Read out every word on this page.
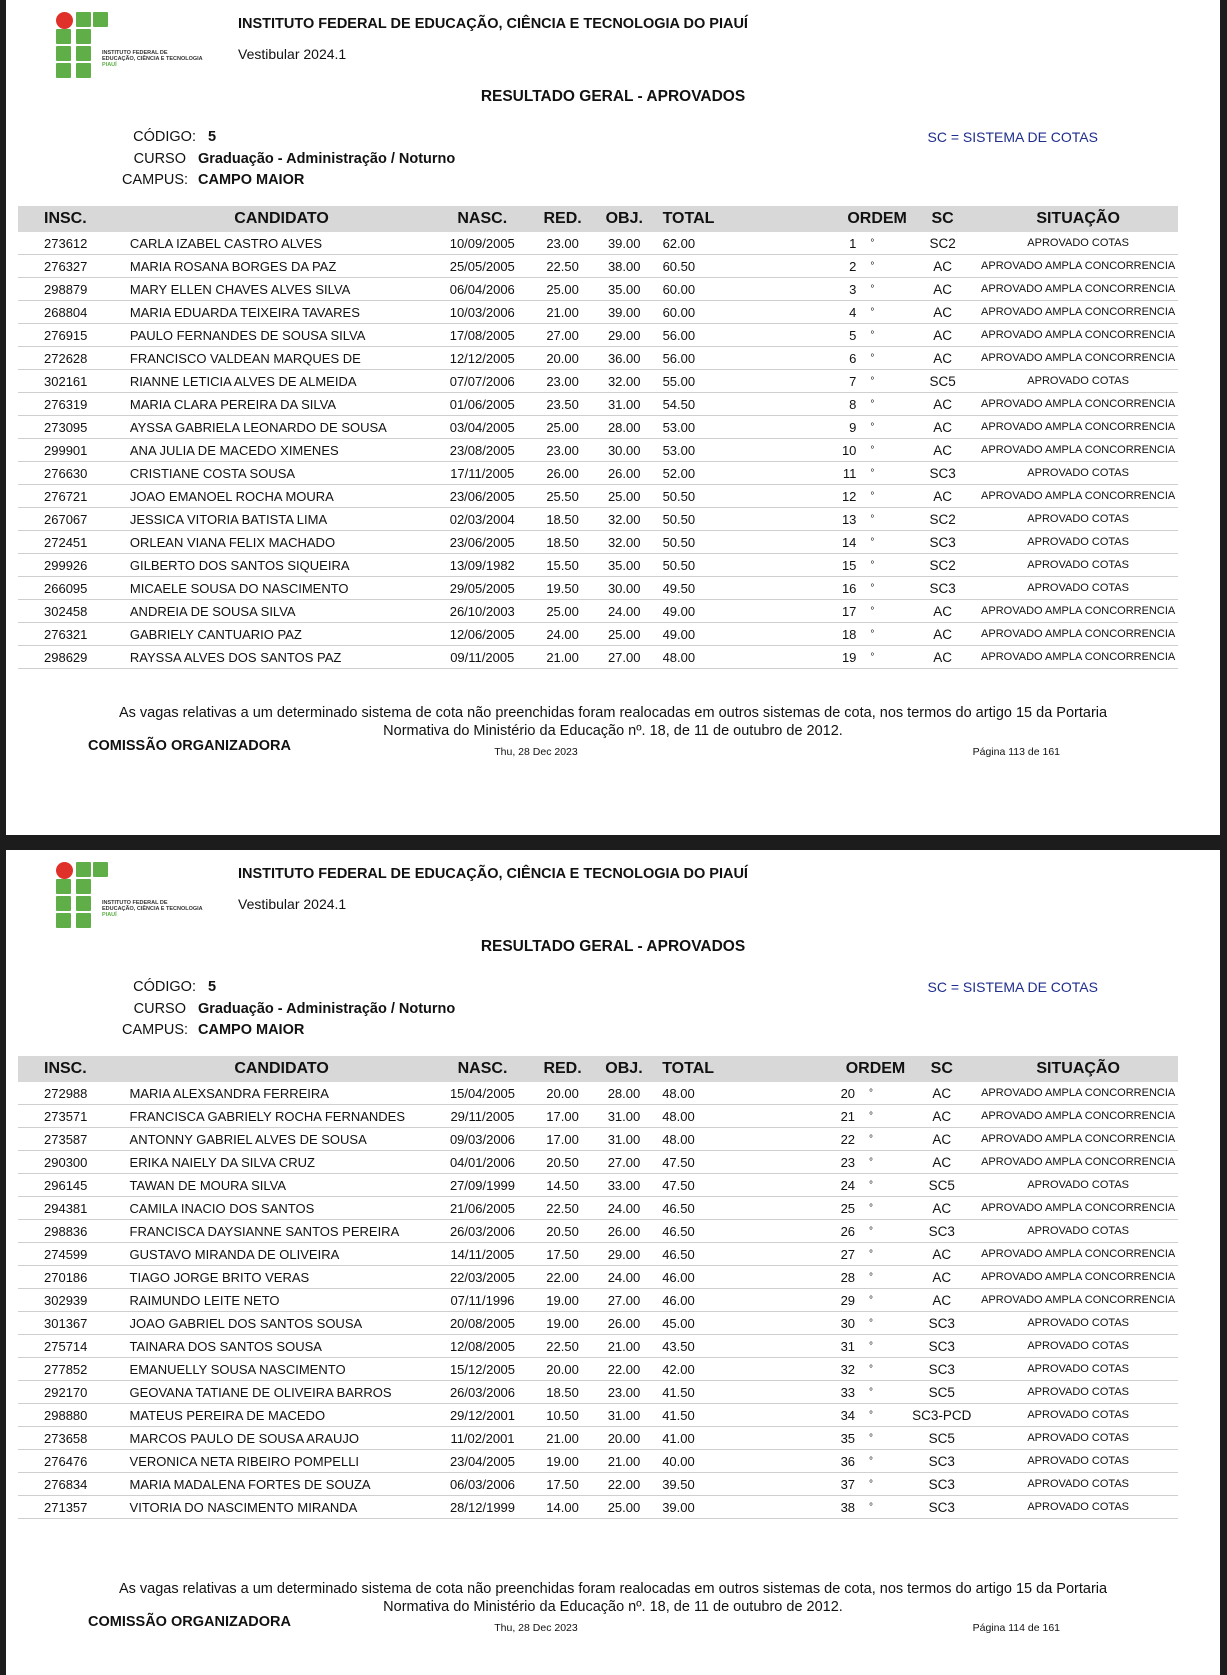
INSTITUTO FEDERAL DE
EDUCAÇÃO, CIÊNCIA E TECNOLOGIA
PIAUÍ
INSTITUTO FEDERAL DE EDUCAÇÃO, CIÊNCIA E TECNOLOGIA DO PIAUÍ
Vestibular 2024.1
RESULTADO GERAL - APROVADOS
CÓDIGO: 5
CURSO Graduação - Administração / Noturno
CAMPUS: CAMPO MAIOR
SC = SISTEMA DE COTAS
INSC.	CANDIDATO	NASC.	RED.	OBJ.	TOTAL	ORDEM		SC	SITUAÇÃO
273612	CARLA IZABEL CASTRO ALVES	10/09/2005	23.00	39.00	62.00	1	°	SC2	APROVADO COTAS
276327	MARIA ROSANA BORGES DA PAZ	25/05/2005	22.50	38.00	60.50	2	°	AC	APROVADO AMPLA CONCORRENCIA
298879	MARY ELLEN CHAVES ALVES SILVA	06/04/2006	25.00	35.00	60.00	3	°	AC	APROVADO AMPLA CONCORRENCIA
268804	MARIA EDUARDA TEIXEIRA TAVARES	10/03/2006	21.00	39.00	60.00	4	°	AC	APROVADO AMPLA CONCORRENCIA
276915	PAULO FERNANDES DE SOUSA SILVA	17/08/2005	27.00	29.00	56.00	5	°	AC	APROVADO AMPLA CONCORRENCIA
272628	FRANCISCO VALDEAN MARQUES DE	12/12/2005	20.00	36.00	56.00	6	°	AC	APROVADO AMPLA CONCORRENCIA
302161	RIANNE LETICIA ALVES DE ALMEIDA	07/07/2006	23.00	32.00	55.00	7	°	SC5	APROVADO COTAS
276319	MARIA CLARA PEREIRA DA SILVA	01/06/2005	23.50	31.00	54.50	8	°	AC	APROVADO AMPLA CONCORRENCIA
273095	AYSSA GABRIELA LEONARDO DE SOUSA	03/04/2005	25.00	28.00	53.00	9	°	AC	APROVADO AMPLA CONCORRENCIA
299901	ANA JULIA DE MACEDO XIMENES	23/08/2005	23.00	30.00	53.00	10	°	AC	APROVADO AMPLA CONCORRENCIA
276630	CRISTIANE COSTA SOUSA	17/11/2005	26.00	26.00	52.00	11	°	SC3	APROVADO COTAS
276721	JOAO EMANOEL ROCHA MOURA	23/06/2005	25.50	25.00	50.50	12	°	AC	APROVADO AMPLA CONCORRENCIA
267067	JESSICA VITORIA BATISTA LIMA	02/03/2004	18.50	32.00	50.50	13	°	SC2	APROVADO COTAS
272451	ORLEAN VIANA FELIX MACHADO	23/06/2005	18.50	32.00	50.50	14	°	SC3	APROVADO COTAS
299926	GILBERTO DOS SANTOS SIQUEIRA	13/09/1982	15.50	35.00	50.50	15	°	SC2	APROVADO COTAS
266095	MICAELE SOUSA DO NASCIMENTO	29/05/2005	19.50	30.00	49.50	16	°	SC3	APROVADO COTAS
302458	ANDREIA DE SOUSA SILVA	26/10/2003	25.00	24.00	49.00	17	°	AC	APROVADO AMPLA CONCORRENCIA
276321	GABRIELY CANTUARIO PAZ	12/06/2005	24.00	25.00	49.00	18	°	AC	APROVADO AMPLA CONCORRENCIA
298629	RAYSSA ALVES DOS SANTOS PAZ	09/11/2005	21.00	27.00	48.00	19	°	AC	APROVADO AMPLA CONCORRENCIA
As vagas relativas a um determinado sistema de cota não preenchidas foram realocadas em outros sistemas de cota, nos termos do artigo 15 da Portaria
Normativa do Ministério da Educação nº. 18, de 11 de outubro de 2012.
COMISSÃO ORGANIZADORA	Thu, 28 Dec 2023	Página 113 de 161
INSTITUTO FEDERAL DE
EDUCAÇÃO, CIÊNCIA E TECNOLOGIA
PIAUÍ
INSTITUTO FEDERAL DE EDUCAÇÃO, CIÊNCIA E TECNOLOGIA DO PIAUÍ
Vestibular 2024.1
RESULTADO GERAL - APROVADOS
CÓDIGO: 5
CURSO Graduação - Administração / Noturno
CAMPUS: CAMPO MAIOR
SC = SISTEMA DE COTAS
INSC.	CANDIDATO	NASC.	RED.	OBJ.	TOTAL	ORDEM		SC	SITUAÇÃO
272988	MARIA ALEXSANDRA FERREIRA	15/04/2005	20.00	28.00	48.00	20	°	AC	APROVADO AMPLA CONCORRENCIA
273571	FRANCISCA GABRIELY ROCHA FERNANDES	29/11/2005	17.00	31.00	48.00	21	°	AC	APROVADO AMPLA CONCORRENCIA
273587	ANTONNY GABRIEL ALVES DE SOUSA	09/03/2006	17.00	31.00	48.00	22	°	AC	APROVADO AMPLA CONCORRENCIA
290300	ERIKA NAIELY DA SILVA CRUZ	04/01/2006	20.50	27.00	47.50	23	°	AC	APROVADO AMPLA CONCORRENCIA
296145	TAWAN DE MOURA SILVA	27/09/1999	14.50	33.00	47.50	24	°	SC5	APROVADO COTAS
294381	CAMILA INACIO DOS SANTOS	21/06/2005	22.50	24.00	46.50	25	°	AC	APROVADO AMPLA CONCORRENCIA
298836	FRANCISCA DAYSIANNE SANTOS PEREIRA	26/03/2006	20.50	26.00	46.50	26	°	SC3	APROVADO COTAS
274599	GUSTAVO MIRANDA DE OLIVEIRA	14/11/2005	17.50	29.00	46.50	27	°	AC	APROVADO AMPLA CONCORRENCIA
270186	TIAGO JORGE BRITO VERAS	22/03/2005	22.00	24.00	46.00	28	°	AC	APROVADO AMPLA CONCORRENCIA
302939	RAIMUNDO LEITE NETO	07/11/1996	19.00	27.00	46.00	29	°	AC	APROVADO AMPLA CONCORRENCIA
301367	JOAO GABRIEL DOS SANTOS SOUSA	20/08/2005	19.00	26.00	45.00	30	°	SC3	APROVADO COTAS
275714	TAINARA DOS SANTOS SOUSA	12/08/2005	22.50	21.00	43.50	31	°	SC3	APROVADO COTAS
277852	EMANUELLY SOUSA NASCIMENTO	15/12/2005	20.00	22.00	42.00	32	°	SC3	APROVADO COTAS
292170	GEOVANA TATIANE DE OLIVEIRA BARROS	26/03/2006	18.50	23.00	41.50	33	°	SC5	APROVADO COTAS
298880	MATEUS PEREIRA DE MACEDO	29/12/2001	10.50	31.00	41.50	34	°	SC3-PCD	APROVADO COTAS
273658	MARCOS PAULO DE SOUSA ARAUJO	11/02/2001	21.00	20.00	41.00	35	°	SC5	APROVADO COTAS
276476	VERONICA NETA RIBEIRO POMPELLI	23/04/2005	19.00	21.00	40.00	36	°	SC3	APROVADO COTAS
276834	MARIA MADALENA FORTES DE SOUZA	06/03/2006	17.50	22.00	39.50	37	°	SC3	APROVADO COTAS
271357	VITORIA DO NASCIMENTO MIRANDA	28/12/1999	14.00	25.00	39.00	38	°	SC3	APROVADO COTAS
As vagas relativas a um determinado sistema de cota não preenchidas foram realocadas em outros sistemas de cota, nos termos do artigo 15 da Portaria
Normativa do Ministério da Educação nº. 18, de 11 de outubro de 2012.
COMISSÃO ORGANIZADORA	Thu, 28 Dec 2023	Página 114 de 161
